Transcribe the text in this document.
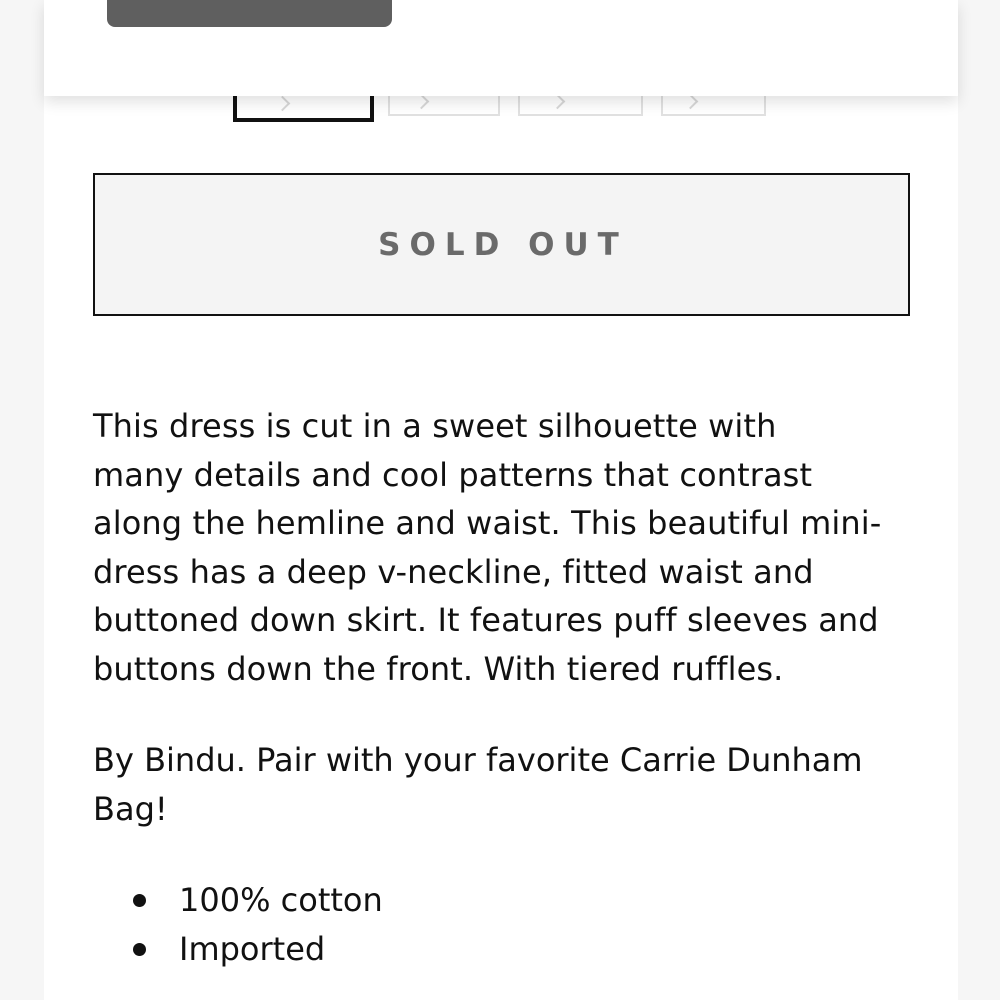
SOLD OUT
This dress is cut in a sweet silhouette with
many details and cool patterns that contrast
along the hemline and waist. This beautiful mini-
dress has a deep v-neckline, fitted waist and
buttoned down skirt. It features puff sleeves and
buttons down the front. With tiered ruffles.
By Bindu. Pair with your favorite Carrie Dunham
Bag!
100% cotton
Imported
